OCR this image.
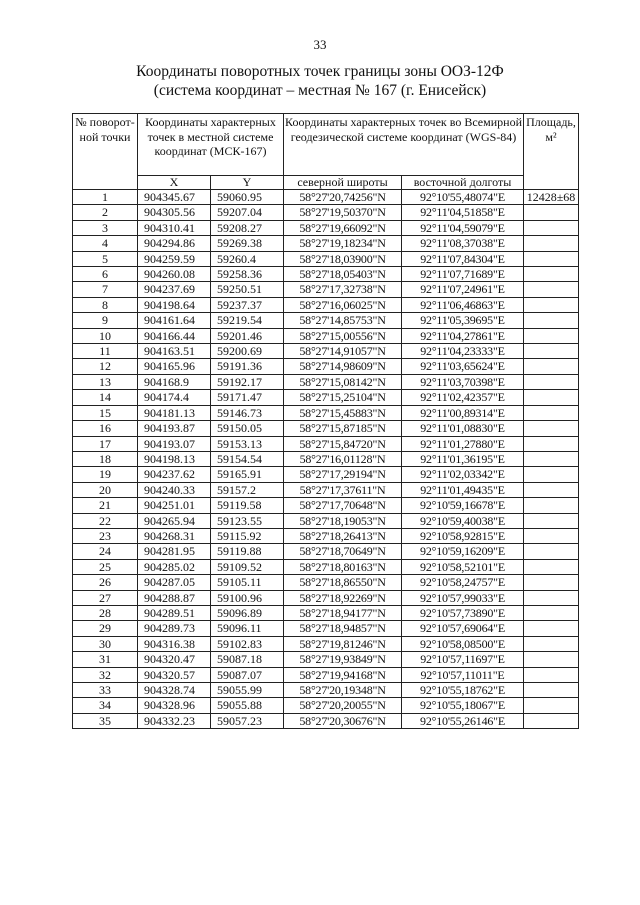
33
Координаты поворотных точек границы зоны ООЗ-12Ф
(система координат – местная № 167 (г. Енисейск)
№ поворот-ной точки	Координаты характерных точек в местной системе координат (МСК-167)		Координаты характерных точек во Всемирной геодезической системе координат (WGS-84)		Площадь, м²
	X	Y	северной широты	восточной долготы	
1	904345.67	59060.95	58°27'20,74256"N	92°10'55,48074"E	12428±68
2	904305.56	59207.04	58°27'19,50370"N	92°11'04,51858"E	
3	904310.41	59208.27	58°27'19,66092"N	92°11'04,59079"E	
4	904294.86	59269.38	58°27'19,18234"N	92°11'08,37038"E	
5	904259.59	59260.4	58°27'18,03900"N	92°11'07,84304"E	
6	904260.08	59258.36	58°27'18,05403"N	92°11'07,71689"E	
7	904237.69	59250.51	58°27'17,32738"N	92°11'07,24961"E	
8	904198.64	59237.37	58°27'16,06025"N	92°11'06,46863"E	
9	904161.64	59219.54	58°27'14,85753"N	92°11'05,39695"E	
10	904166.44	59201.46	58°27'15,00556"N	92°11'04,27861"E	
11	904163.51	59200.69	58°27'14,91057"N	92°11'04,23333"E	
12	904165.96	59191.36	58°27'14,98609"N	92°11'03,65624"E	
13	904168.9	59192.17	58°27'15,08142"N	92°11'03,70398"E	
14	904174.4	59171.47	58°27'15,25104"N	92°11'02,42357"E	
15	904181.13	59146.73	58°27'15,45883"N	92°11'00,89314"E	
16	904193.87	59150.05	58°27'15,87185"N	92°11'01,08830"E	
17	904193.07	59153.13	58°27'15,84720"N	92°11'01,27880"E	
18	904198.13	59154.54	58°27'16,01128"N	92°11'01,36195"E	
19	904237.62	59165.91	58°27'17,29194"N	92°11'02,03342"E	
20	904240.33	59157.2	58°27'17,37611"N	92°11'01,49435"E	
21	904251.01	59119.58	58°27'17,70648"N	92°10'59,16678"E	
22	904265.94	59123.55	58°27'18,19053"N	92°10'59,40038"E	
23	904268.31	59115.92	58°27'18,26413"N	92°10'58,92815"E	
24	904281.95	59119.88	58°27'18,70649"N	92°10'59,16209"E	
25	904285.02	59109.52	58°27'18,80163"N	92°10'58,52101"E	
26	904287.05	59105.11	58°27'18,86550"N	92°10'58,24757"E	
27	904288.87	59100.96	58°27'18,92269"N	92°10'57,99033"E	
28	904289.51	59096.89	58°27'18,94177"N	92°10'57,73890"E	
29	904289.73	59096.11	58°27'18,94857"N	92°10'57,69064"E	
30	904316.38	59102.83	58°27'19,81246"N	92°10'58,08500"E	
31	904320.47	59087.18	58°27'19,93849"N	92°10'57,11697"E	
32	904320.57	59087.07	58°27'19,94168"N	92°10'57,11011"E	
33	904328.74	59055.99	58°27'20,19348"N	92°10'55,18762"E	
34	904328.96	59055.88	58°27'20,20055"N	92°10'55,18067"E	
35	904332.23	59057.23	58°27'20,30676"N	92°10'55,26146"E	
